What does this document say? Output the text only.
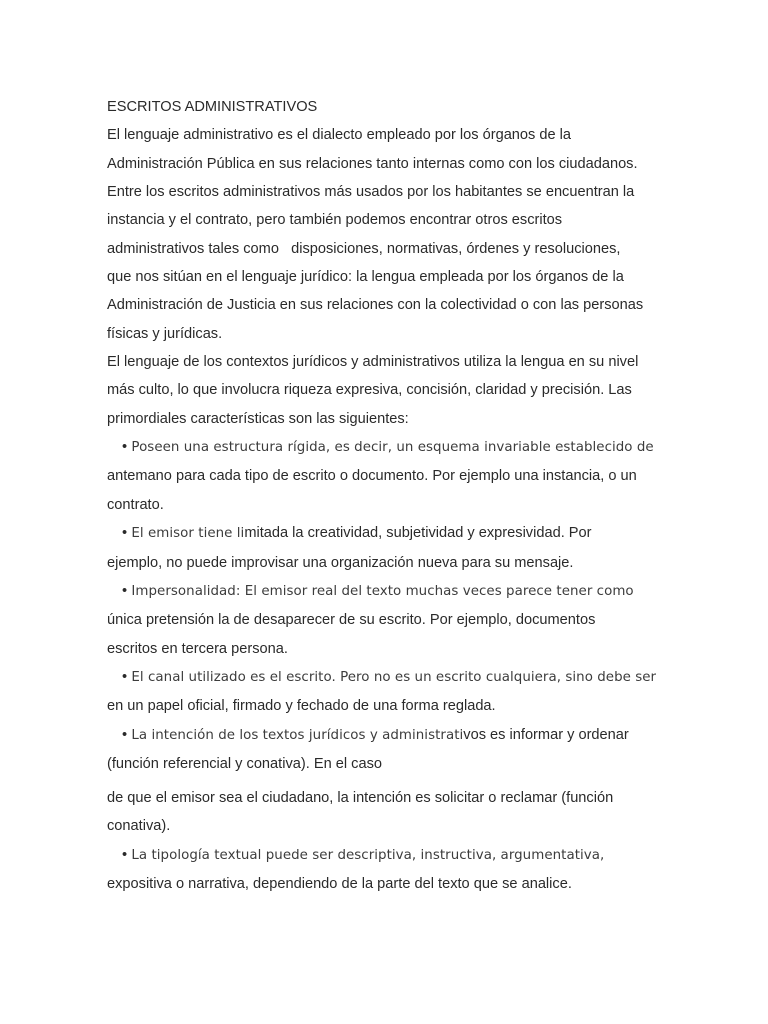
ESCRITOS ADMINISTRATIVOS

El lenguaje administrativo es el dialecto empleado por los órganos de la
Administración Pública en sus relaciones tanto internas como con los ciudadanos.
Entre los escritos administrativos más usados por los habitantes se encuentran la
instancia y el contrato, pero también podemos encontrar otros escritos
administrativos tales como   disposiciones, normativas, órdenes y resoluciones,
que nos sitúan en el lenguaje jurídico: la lengua empleada por los órganos de la
Administración de Justicia en sus relaciones con la colectividad o con las personas
físicas y jurídicas.

El lenguaje de los contextos jurídicos y administrativos utiliza la lengua en su nivel
más culto, lo que involucra riqueza expresiva, concisión, claridad y precisión. Las
primordiales características son las siguientes:

• Poseen una estructura rígida, es decir, un esquema invariable establecido de
antemano para cada tipo de escrito o documento. Por ejemplo una instancia, o un
contrato.
• El emisor tiene limitada la creatividad, subjetividad y expresividad. Por
ejemplo, no puede improvisar una organización nueva para su mensaje.
• Impersonalidad: El emisor real del texto muchas veces parece tener como
única pretensión la de desaparecer de su escrito. Por ejemplo, documentos
escritos en tercera persona.
• El canal utilizado es el escrito. Pero no es un escrito cualquiera, sino debe ser
en un papel oficial, firmado y fechado de una forma reglada.
• La intención de los textos jurídicos y administrativos es informar y ordenar
(función referencial y conativa). En el caso

de que el emisor sea el ciudadano, la intención es solicitar o reclamar (función
conativa).

• La tipología textual puede ser descriptiva, instructiva, argumentativa,
expositiva o narrativa, dependiendo de la parte del texto que se analice.
